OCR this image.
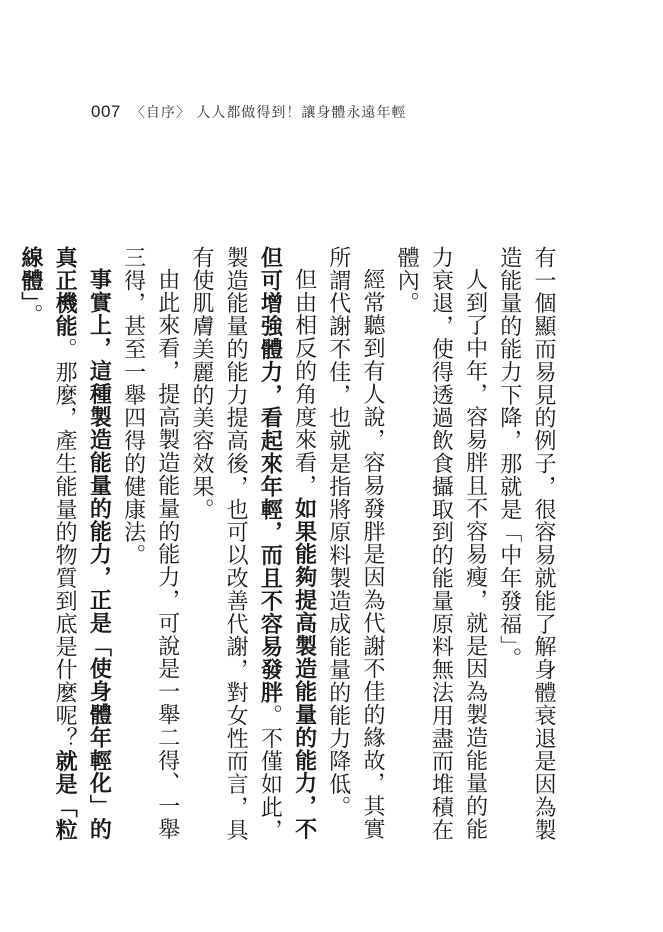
007 〈自序〉 人人都做得到！讓身體永遠年輕

有一個顯而易見的例子，很容易就能了解身體衰退是因為製造能量的能力下降，那就是「中年發福」。

人到了中年，容易胖且不容易瘦，就是因為製造能量的能力衰退，使得透過飲食攝取到的能量原料無法用盡而堆積在體內。

經常聽到有人說，容易發胖是因為代謝不佳的緣故，其實所謂代謝不佳，也就是指將原料製造成能量的能力降低。

但由相反的角度來看，如果能夠提高製造能量的能力，不但可增強體力，看起來年輕，而且不容易發胖。不僅如此，製造能量的能力提高後，也可以改善代謝，對女性而言，具有使肌膚美麗的美容效果。

由此來看，提高製造能量的能力，可說是一舉二得、一舉三得，甚至一舉四得的健康法。

事實上，這種製造能量的能力，正是「使身體年輕化」的真正機能。那麼，產生能量的物質到底是什麼呢？就是「粒線體」。
